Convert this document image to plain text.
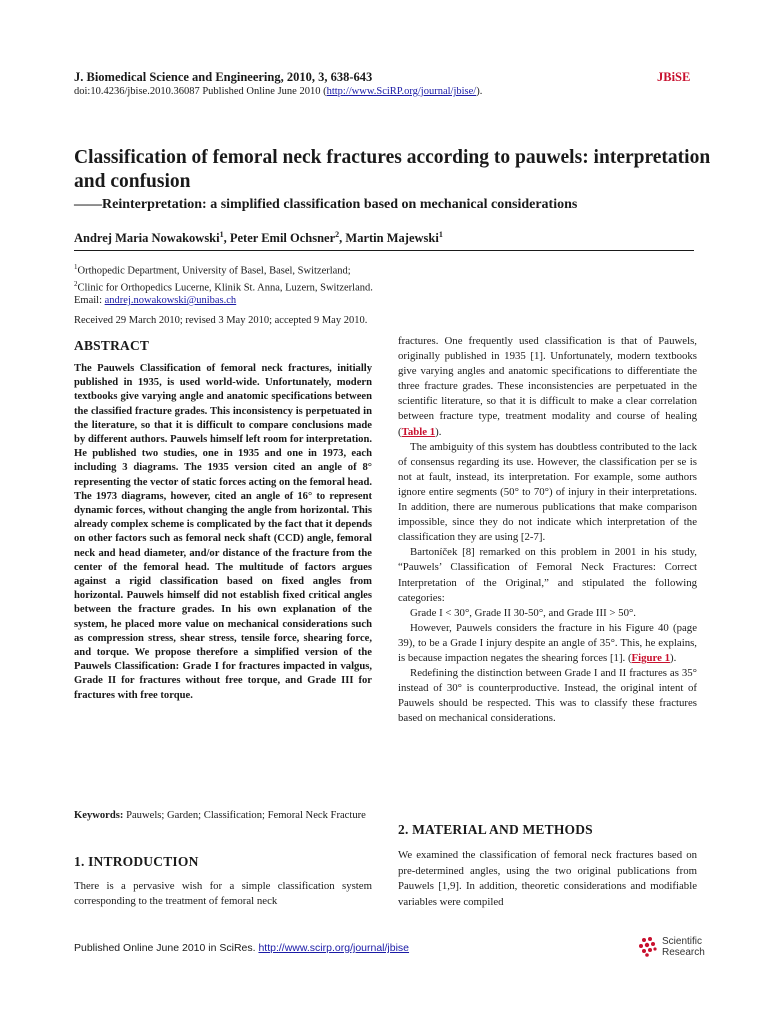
J. Biomedical Science and Engineering, 2010, 3, 638-643	JBiSE
doi:10.4236/jbise.2010.36087 Published Online June 2010 (http://www.SciRP.org/journal/jbise/).
Classification of femoral neck fractures according to pauwels: interpretation and confusion
——Reinterpretation: a simplified classification based on mechanical considerations
Andrej Maria Nowakowski$^1$, Peter Emil Ochsner$^2$, Martin Majewski$^1$
$^1$Orthopedic Department, University of Basel, Basel, Switzerland;
$^2$Clinic for Orthopedics Lucerne, Klinik St. Anna, Luzern, Switzerland.
Email: andrej.nowakowski@unibas.ch
Received 29 March 2010; revised 3 May 2010; accepted 9 May 2010.
ABSTRACT
The Pauwels Classification of femoral neck fractures, initially published in 1935, is used world-wide. Unfortunately, modern textbooks give varying angle and anatomic specifications between the classified fracture grades. This inconsistency is perpetuated in the literature, so that it is difficult to compare conclusions made by different authors. Pauwels himself left room for interpretation. He published two studies, one in 1935 and one in 1973, each including 3 diagrams. The 1935 version cited an angle of 8° representing the vector of static forces acting on the femoral head. The 1973 diagrams, however, cited an angle of 16° to represent dynamic forces, without changing the angle from horizontal. This already complex scheme is complicated by the fact that it depends on other factors such as femoral neck shaft (CCD) angle, femoral neck and head diameter, and/or distance of the fracture from the center of the femoral head. The multitude of factors argues against a rigid classification based on fixed angles from horizontal. Pauwels himself did not establish fixed critical angles between the fracture grades. In his own explanation of the system, he placed more value on mechanical considerations such as compression stress, shear stress, tensile force, shearing force, and torque. We propose therefore a simplified version of the Pauwels Classification: Grade I for fractures impacted in valgus, Grade II for fractures without free torque, and Grade III for fractures with free torque.
Keywords: Pauwels; Garden; Classification; Femoral Neck Fracture
1. INTRODUCTION
There is a pervasive wish for a simple classification system corresponding to the treatment of femoral neck

fractures. One frequently used classification is that of Pauwels, originally published in 1935 [1]. Unfortunately, modern textbooks give varying angles and anatomic specifications to differentiate the three fracture grades. These inconsistencies are perpetuated in the scientific literature, so that it is difficult to make a clear correlation between fracture type, treatment modality and course of healing (Table 1).

The ambiguity of this system has doubtless contributed to the lack of consensus regarding its use. However, the classification per se is not at fault, instead, its interpretation. For example, some authors ignore entire segments (50° to 70°) of injury in their interpretations. In addition, there are numerous publications that make comparison impossible, since they do not indicate which interpretation of the classification they are using [2-7].

Bartoníček [8] remarked on this problem in 2001 in his study, “Pauwels’ Classification of Femoral Neck Fractures: Correct Interpretation of the Original,” and stipulated the following categories:

Grade I < 30°, Grade II 30-50°, and Grade III > 50°.

However, Pauwels considers the fracture in his Figure 40 (page 39), to be a Grade I injury despite an angle of 35°. This, he explains, is because impaction negates the shearing forces [1]. (Figure 1).

Redefining the distinction between Grade I and II fractures as 35° instead of 30° is counterproductive. Instead, the original intent of Pauwels should be respected. This was to classify these fractures based on mechanical considerations.

2. MATERIAL AND METHODS
We examined the classification of femoral neck fractures based on pre-determined angles, using the two original publications from Pauwels [1,9]. In addition, theoretic considerations and modifiable variables were compiled
Published Online June 2010 in SciRes. http://www.scirp.org/journal/jbise
Scientific
Research
